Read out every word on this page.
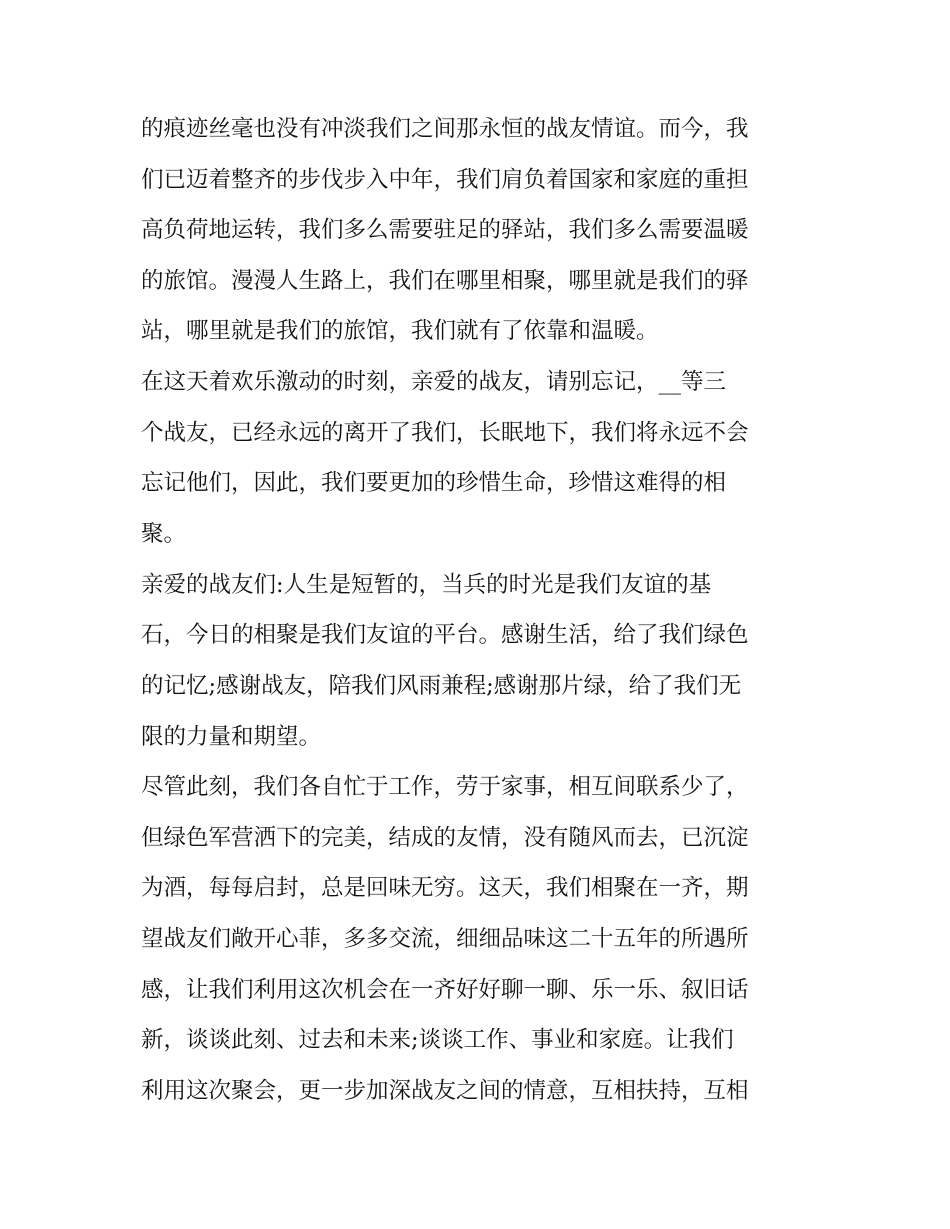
的痕迹丝毫也没有冲淡我们之间那永恒的战友情谊。而今，我
们已迈着整齐的步伐步入中年，我们肩负着国家和家庭的重担
高负荷地运转，我们多么需要驻足的驿站，我们多么需要温暖
的旅馆。漫漫人生路上，我们在哪里相聚，哪里就是我们的驿
站，哪里就是我们的旅馆，我们就有了依靠和温暖。
在这天着欢乐激动的时刻，亲爱的战友，请别忘记，__等三
个战友，已经永远的离开了我们，长眠地下，我们将永远不会
忘记他们，因此，我们要更加的珍惜生命，珍惜这难得的相
聚。
亲爱的战友们:人生是短暂的，当兵的时光是我们友谊的基
石，今日的相聚是我们友谊的平台。感谢生活，给了我们绿色
的记忆;感谢战友，陪我们风雨兼程;感谢那片绿，给了我们无
限的力量和期望。
尽管此刻，我们各自忙于工作，劳于家事，相互间联系少了，
但绿色军营洒下的完美，结成的友情，没有随风而去，已沉淀
为酒，每每启封，总是回味无穷。这天，我们相聚在一齐，期
望战友们敞开心菲，多多交流，细细品味这二十五年的所遇所
感，让我们利用这次机会在一齐好好聊一聊、乐一乐、叙旧话
新，谈谈此刻、过去和未来;谈谈工作、事业和家庭。让我们
利用这次聚会，更一步加深战友之间的情意，互相扶持，互相
